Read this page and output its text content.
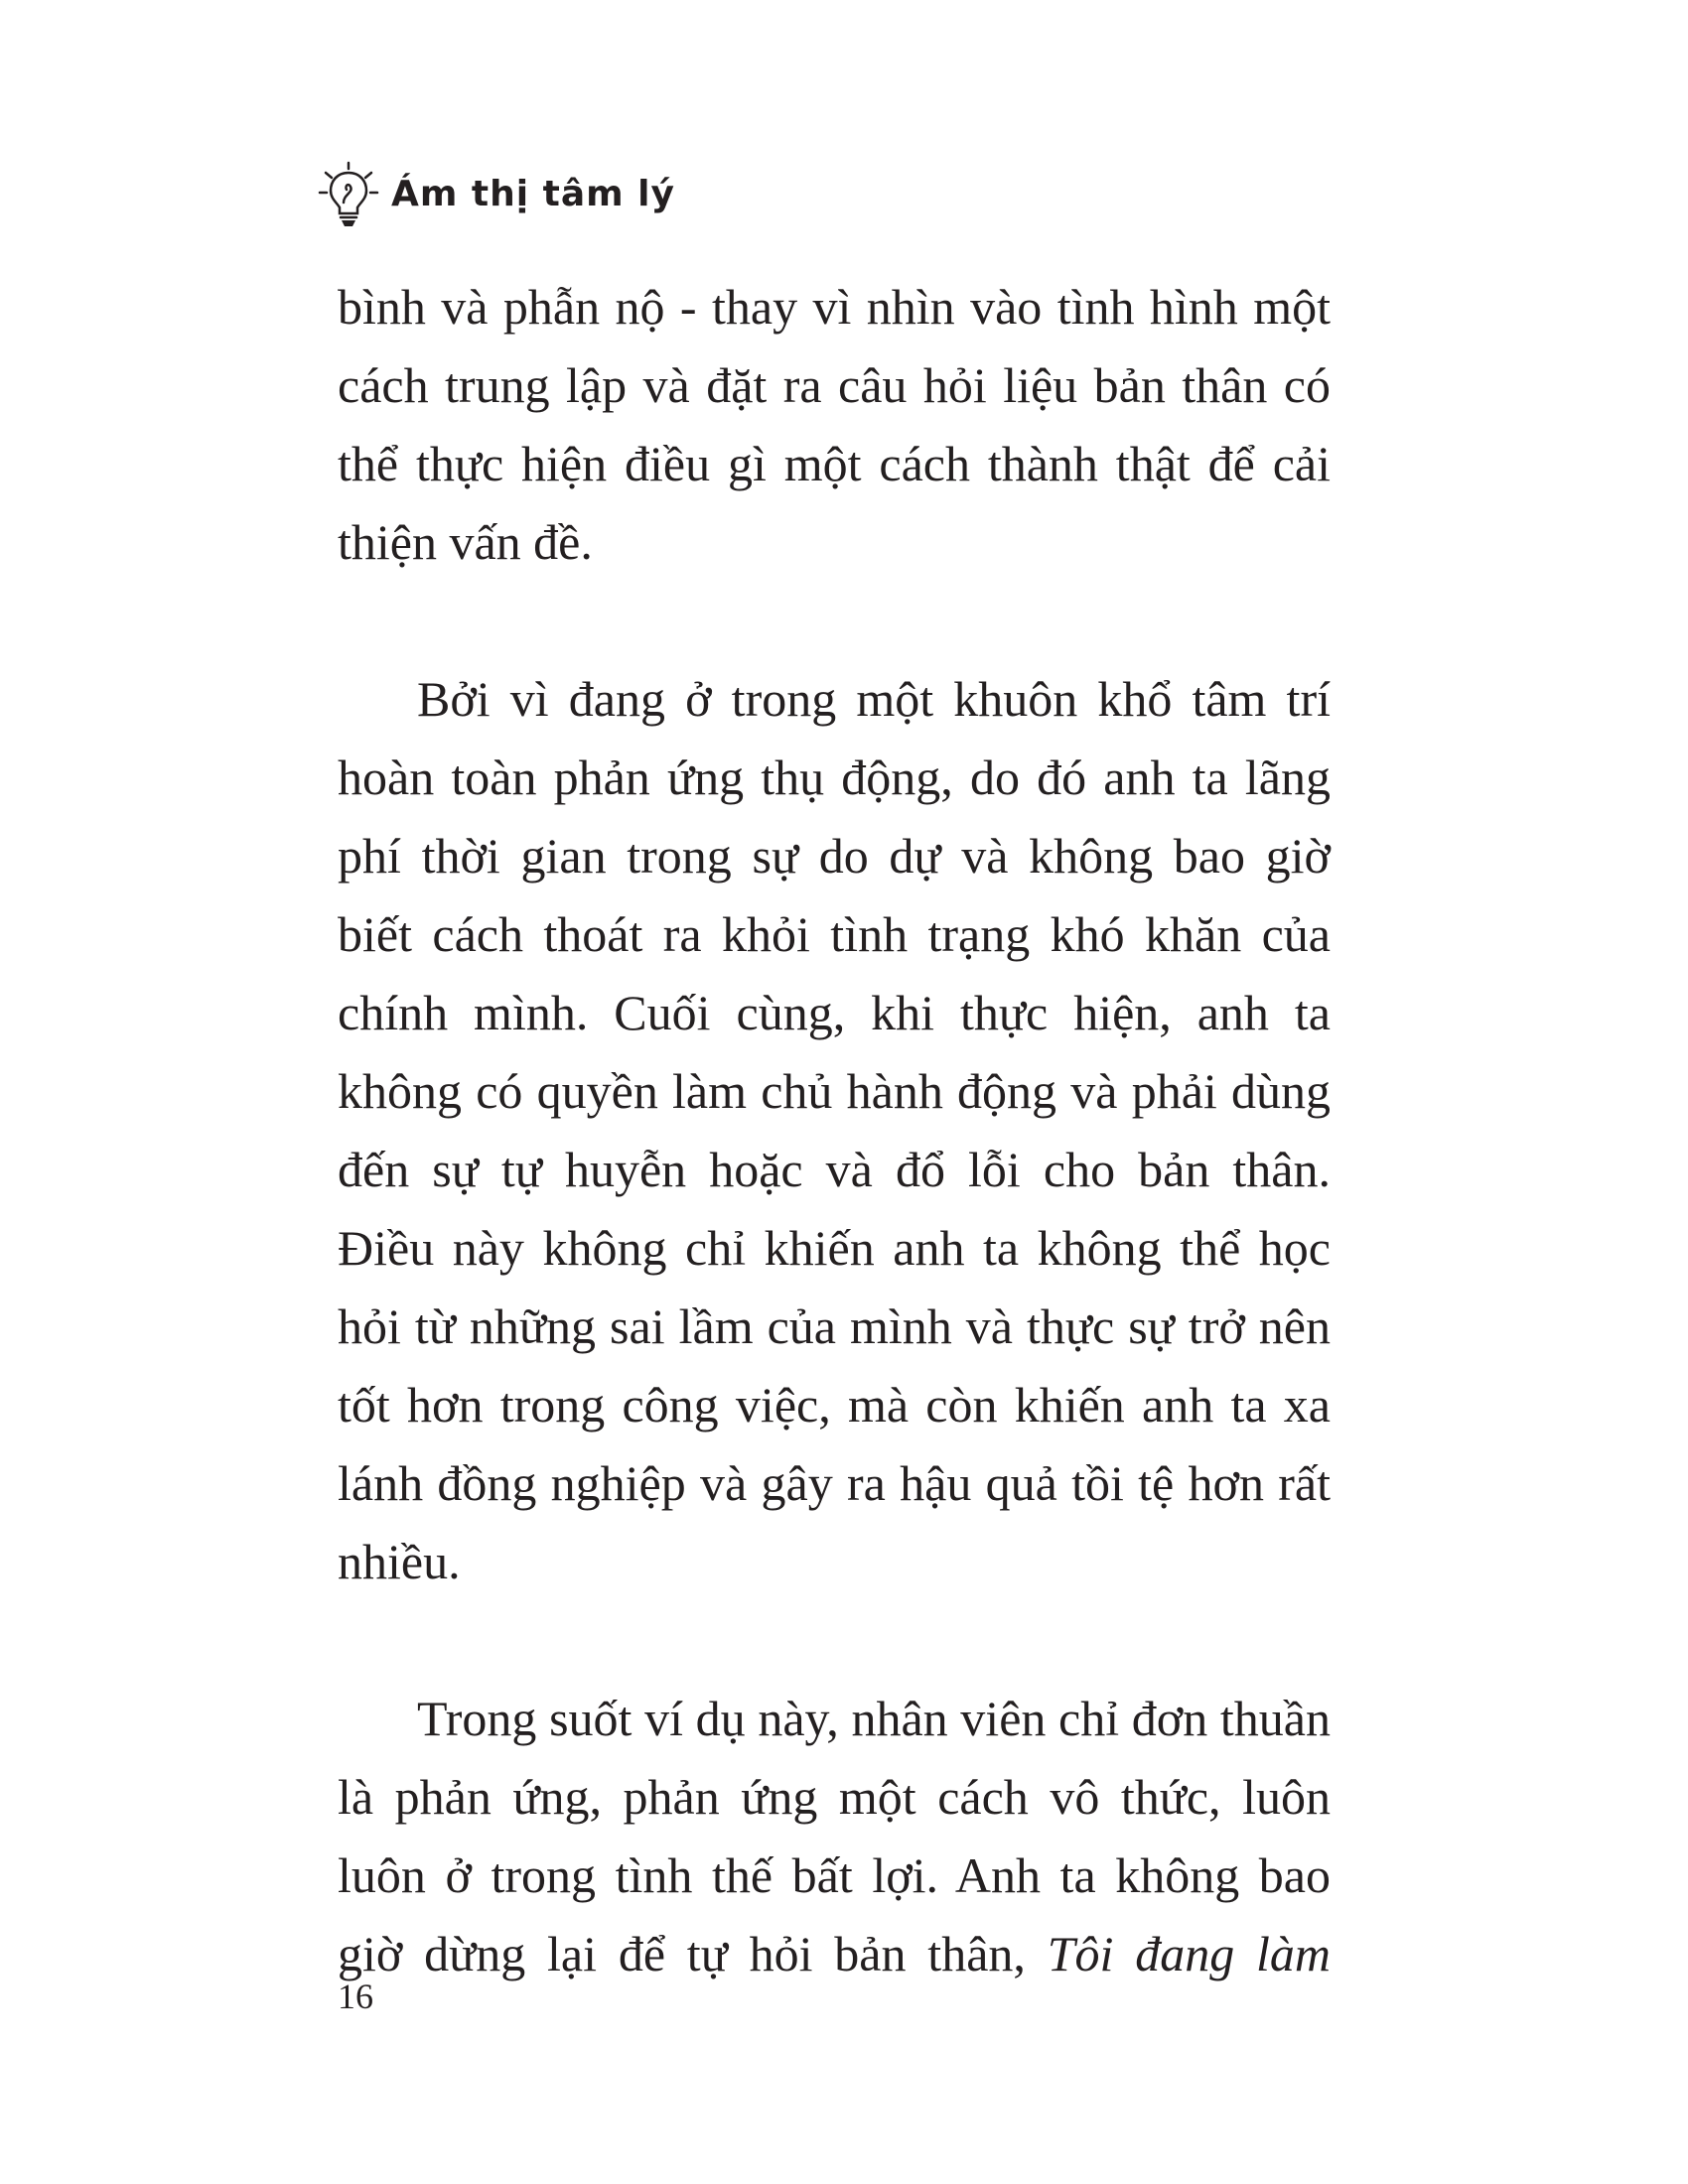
Ám thị tâm lý

bình và phẫn nộ - thay vì nhìn vào tình hình một cách trung lập và đặt ra câu hỏi liệu bản thân có thể thực hiện điều gì một cách thành thật để cải thiện vấn đề.

Bởi vì đang ở trong một khuôn khổ tâm trí hoàn toàn phản ứng thụ động, do đó anh ta lãng phí thời gian trong sự do dự và không bao giờ biết cách thoát ra khỏi tình trạng khó khăn của chính mình. Cuối cùng, khi thực hiện, anh ta không có quyền làm chủ hành động và phải dùng đến sự tự huyễn hoặc và đổ lỗi cho bản thân. Điều này không chỉ khiến anh ta không thể học hỏi từ những sai lầm của mình và thực sự trở nên tốt hơn trong công việc, mà còn khiến anh ta xa lánh đồng nghiệp và gây ra hậu quả tồi tệ hơn rất nhiều.

Trong suốt ví dụ này, nhân viên chỉ đơn thuần là phản ứng, phản ứng một cách vô thức, luôn luôn ở trong tình thế bất lợi. Anh ta không bao giờ dừng lại để tự hỏi bản thân, Tôi đang làm

16
